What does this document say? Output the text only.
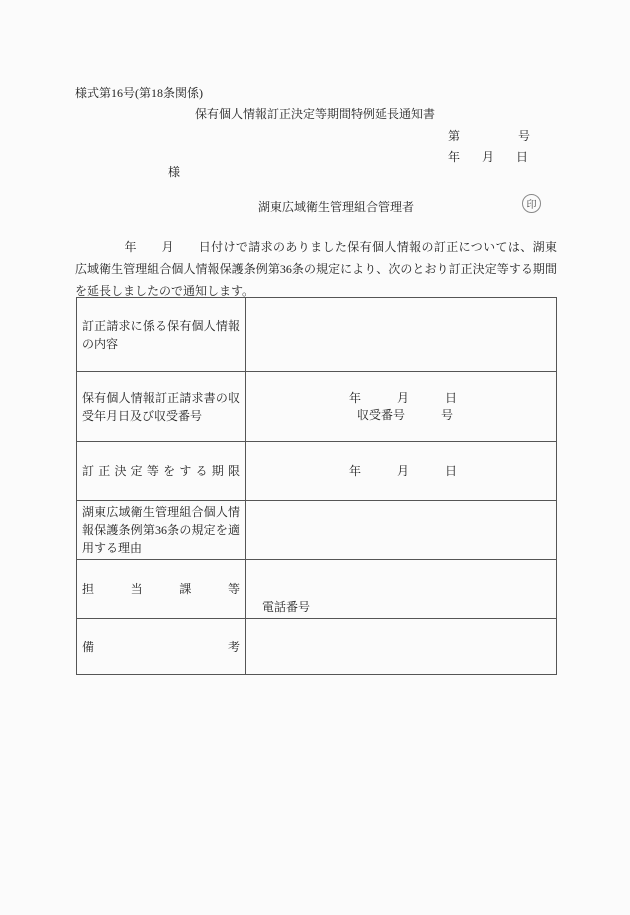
様式第16号(第18条関係)
保有個人情報訂正決定等期間特例延長通知書
第	号
年 月 日
様
湖東広域衛生管理組合管理者	印
　　　　年　　月　　日付けで請求のありました保有個人情報の訂正については、湖東
広域衛生管理組合個人情報保護条例第36条の規定により、次のとおり訂正決定等する期間
を延長しましたので通知します。
訂正請求に係る保有個人情報の内容	

保有個人情報訂正請求書の収受年月日及び収受番号	年　　　月　　　日
収受番号　　　号

訂正決定等をする期限	年　　　月　　　日

湖東広域衛生管理組合個人情報保護条例第36条の規定を適用する理由	

担当課等	電話番号

備考	
